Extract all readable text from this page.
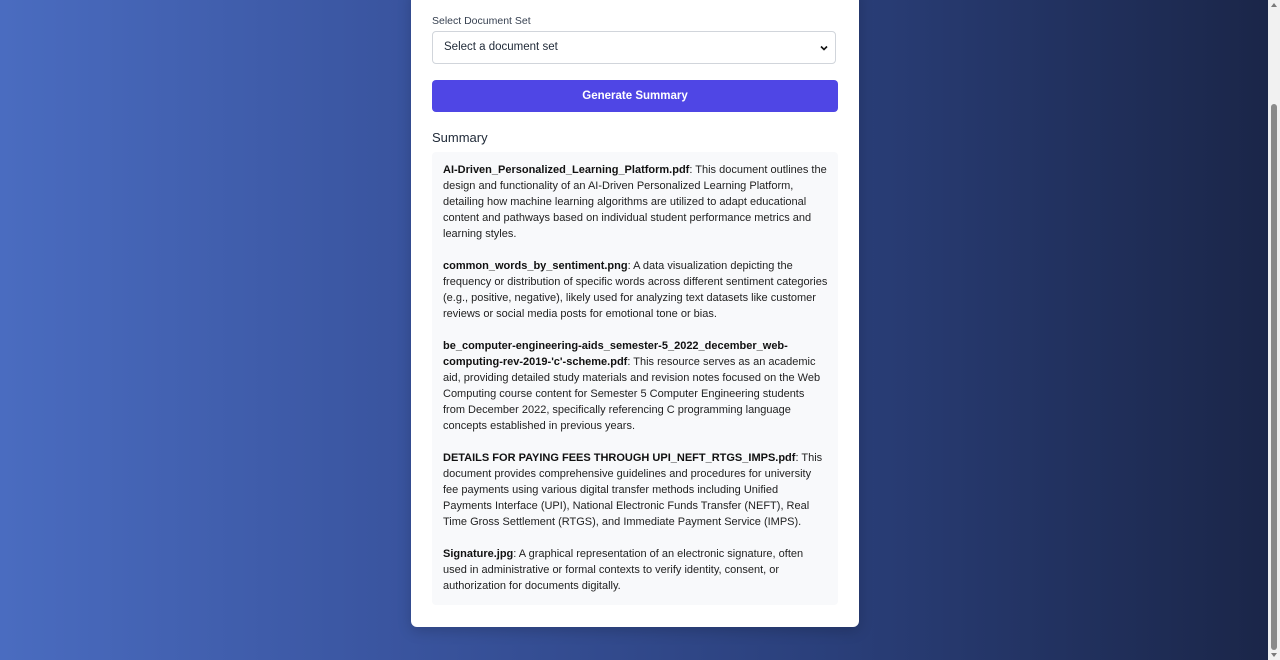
Select Document Set
Select a document set
Generate Summary
Summary

AI-Driven_Personalized_Learning_Platform.pdf: This document outlines the design and functionality of an AI-Driven Personalized Learning Platform, detailing how machine learning algorithms are utilized to adapt educational content and pathways based on individual student performance metrics and learning styles.

common_words_by_sentiment.png: A data visualization depicting the frequency or distribution of specific words across different sentiment categories (e.g., positive, negative), likely used for analyzing text datasets like customer reviews or social media posts for emotional tone or bias.

be_computer-engineering-aids_semester-5_2022_december_web-computing-rev-2019-'c'-scheme.pdf: This resource serves as an academic aid, providing detailed study materials and revision notes focused on the Web Computing course content for Semester 5 Computer Engineering students from December 2022, specifically referencing C programming language concepts established in previous years.

DETAILS FOR PAYING FEES THROUGH UPI_NEFT_RTGS_IMPS.pdf: This document provides comprehensive guidelines and procedures for university fee payments using various digital transfer methods including Unified Payments Interface (UPI), National Electronic Funds Transfer (NEFT), Real Time Gross Settlement (RTGS), and Immediate Payment Service (IMPS).

Signature.jpg: A graphical representation of an electronic signature, often used in administrative or formal contexts to verify identity, consent, or authorization for documents digitally.
